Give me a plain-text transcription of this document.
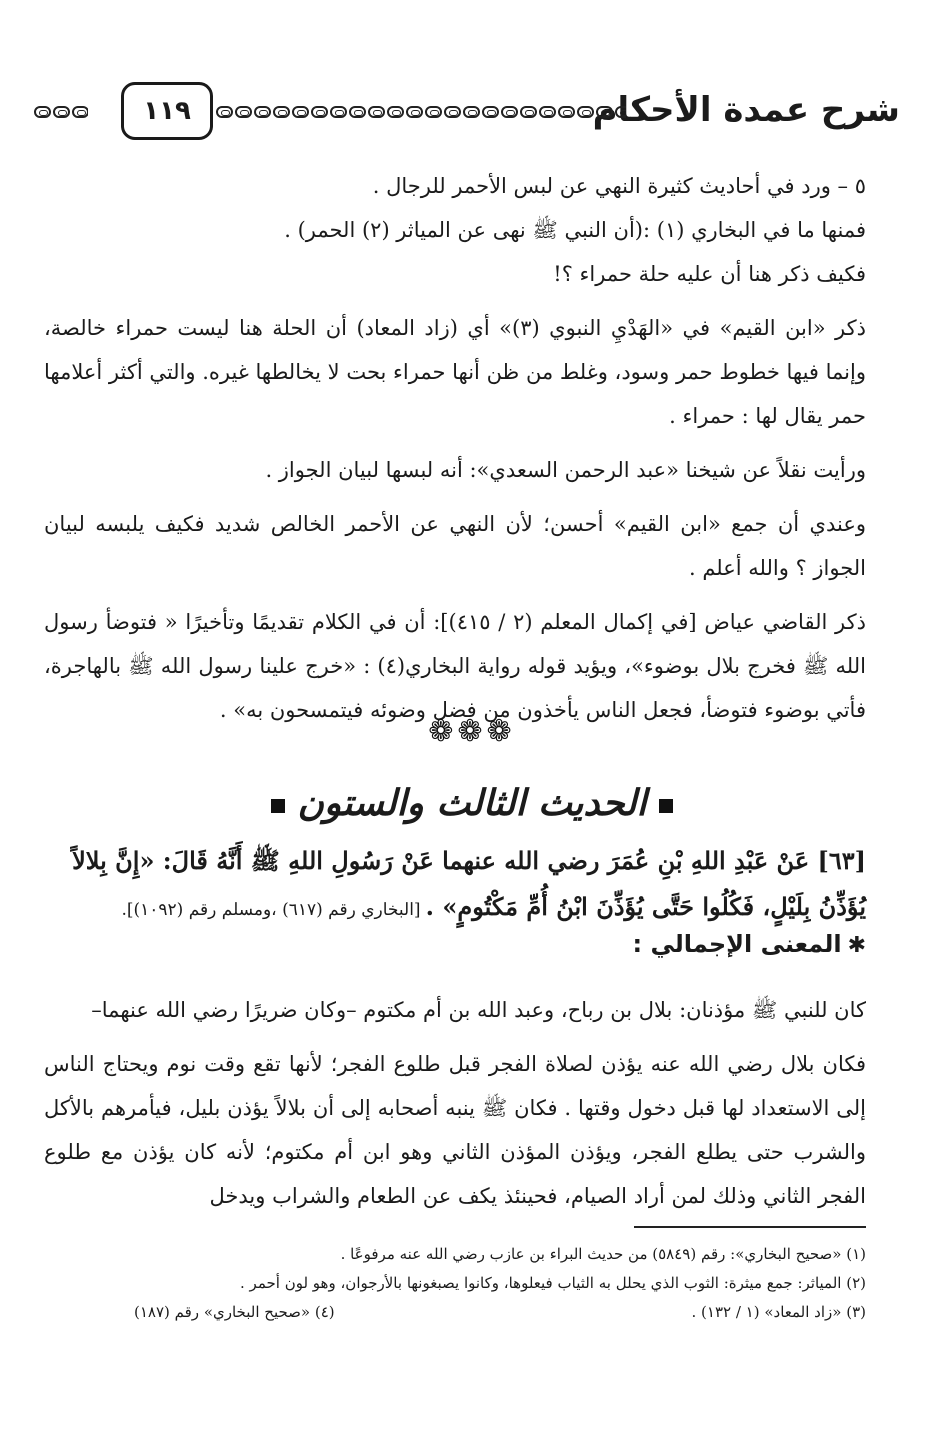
شرح عمدة الأحكام
١١٩

٥ – ورد في أحاديث كثيرة النهي عن لبس الأحمر للرجال .

فمنها ما في البخاري (١) :(أن النبي ﷺ نهى عن المياثر (٢) الحمر) .

فكيف ذكر هنا أن عليه حلة حمراء ؟!

ذكر «ابن القيم» في «الهَدْيِ النبوي (٣)» أي (زاد المعاد) أن الحلة هنا ليست حمراء خالصة، وإنما فيها خطوط حمر وسود، وغلط من ظن أنها حمراء بحت لا يخالطها غيره. والتي أكثر أعلامها حمر يقال لها : حمراء .

ورأيت نقلاً عن شيخنا «عبد الرحمن السعدي»: أنه لبسها لبيان الجواز .

وعندي أن جمع «ابن القيم» أحسن؛ لأن النهي عن الأحمر الخالص شديد فكيف يلبسه لبيان الجواز ؟ والله أعلم .

ذكر القاضي عياض [في إكمال المعلم (٢ / ٤١٥)]: أن في الكلام تقديمًا وتأخيرًا « فتوضأ رسول الله ﷺ فخرج بلال بوضوء»، ويؤيد قوله رواية البخاري(٤) : «خرج علينا رسول الله ﷺ بالهاجرة، فأتي بوضوء فتوضأ، فجعل الناس يأخذون من فضل وضوئه فيتمسحون به» .

❁❁❁
الحديث الثالث والستون
[٦٣] عَنْ عَبْدِ اللهِ بْنِ عُمَرَ رضي الله عنهما عَنْ رَسُولِ اللهِ ﷺ أَنَّهُ قَالَ: «إِنَّ بِلالاً يُؤَذِّنُ بِلَيْلٍ، فَكُلُوا حَتَّى يُؤَذِّنَ ابْنُ أُمِّ مَكْتُومٍ» . [البخاري رقم (٦١٧) ،ومسلم رقم (١٠٩٢)].
✱المعنى الإجمالي :

كان للنبي ﷺ مؤذنان: بلال بن رباح، وعبد الله بن أم مكتوم –وكان ضريرًا رضي الله عنهما–

فكان بلال رضي الله عنه يؤذن لصلاة الفجر قبل طلوع الفجر؛ لأنها تقع وقت نوم ويحتاج الناس إلى الاستعداد لها قبل دخول وقتها . فكان ﷺ ينبه أصحابه إلى أن بلالاً يؤذن بليل، فيأمرهم بالأكل والشرب حتى يطلع الفجر، ويؤذن المؤذن الثاني وهو ابن أم مكتوم؛ لأنه كان يؤذن مع طلوع الفجر الثاني وذلك لمن أراد الصيام، فحينئذ يكف عن الطعام والشراب ويدخل

(١) «صحيح البخاري»: رقم (٥٨٤٩) من حديث البراء بن عازب رضي الله عنه مرفوعًا .
(٢) المياثر: جمع ميثرة: الثوب الذي يحلل به الثياب فيعلوها، وكانوا يصبغونها بالأرجوان، وهو لون أحمر .
(٣) «زاد المعاد» (١ / ١٣٢) .
(٤) «صحيح البخاري» رقم (١٨٧)
